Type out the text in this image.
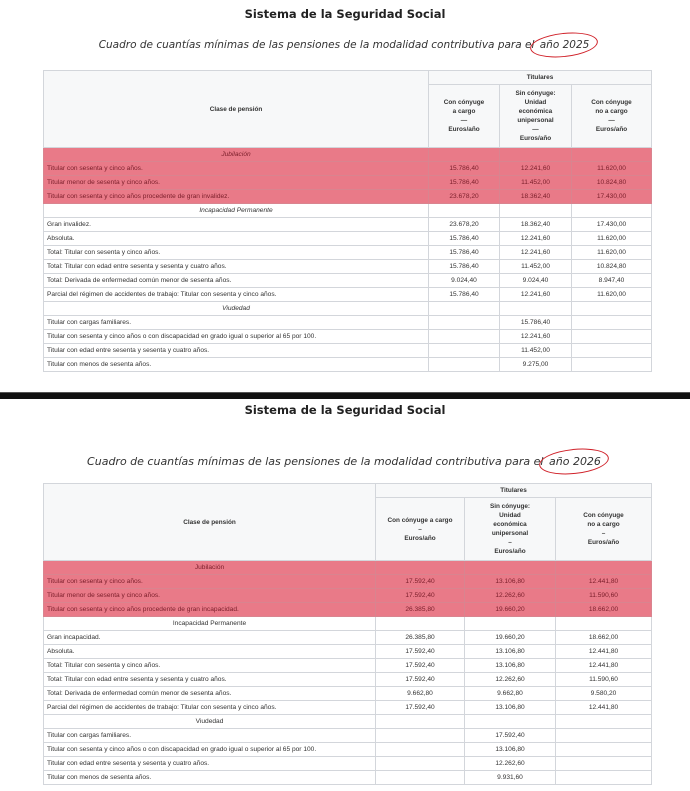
Sistema de la Seguridad Social
Cuadro de cuantías mínimas de las pensiones de la modalidad contributiva para el año 2025
Clase de pensión	Titulares		
Con cónyuge
a cargo
—
Euros/año	Sin cónyuge:
Unidad
económica
unipersonal
—
Euros/año	Con cónyuge
no a cargo
—
Euros/año
Jubilación			
Titular con sesenta y cinco años.	15.786,40	12.241,60	11.620,00
Titular menor de sesenta y cinco años.	15.786,40	11.452,00	10.824,80
Titular con sesenta y cinco años procedente de gran invalidez.	23.678,20	18.362,40	17.430,00
Incapacidad Permanente			
Gran invalidez.	23.678,20	18.362,40	17.430,00
Absoluta.	15.786,40	12.241,60	11.620,00
Total: Titular con sesenta y cinco años.	15.786,40	12.241,60	11.620,00
Total: Titular con edad entre sesenta y sesenta y cuatro años.	15.786,40	11.452,00	10.824,80
Total: Derivada de enfermedad común menor de sesenta años.	9.024,40	9.024,40	8.947,40
Parcial del régimen de accidentes de trabajo: Titular con sesenta y cinco años.	15.786,40	12.241,60	11.620,00
Viudedad			
Titular con cargas familiares.		15.786,40	
Titular con sesenta y cinco años o con discapacidad en grado igual o superior al 65 por 100.		12.241,60	
Titular con edad entre sesenta y sesenta y cuatro años.		11.452,00	
Titular con menos de sesenta años.		9.275,00	
Sistema de la Seguridad Social
Cuadro de cuantías mínimas de las pensiones de la modalidad contributiva para el año 2026
Clase de pensión	Titulares		
Con cónyuge a cargo
–
Euros/año	Sin cónyuge:
Unidad
económica
unipersonal
–
Euros/año	Con cónyuge
no a cargo
–
Euros/año
Jubilación			
Titular con sesenta y cinco años.	17.592,40	13.106,80	12.441,80
Titular menor de sesenta y cinco años.	17.592,40	12.262,60	11.590,60
Titular con sesenta y cinco años procedente de gran incapacidad.	26.385,80	19.660,20	18.662,00
Incapacidad Permanente			
Gran incapacidad.	26.385,80	19.660,20	18.662,00
Absoluta.	17.592,40	13.106,80	12.441,80
Total: Titular con sesenta y cinco años.	17.592,40	13.106,80	12.441,80
Total: Titular con edad entre sesenta y sesenta y cuatro años.	17.592,40	12.262,60	11.590,60
Total: Derivada de enfermedad común menor de sesenta años.	9.662,80	9.662,80	9.580,20
Parcial del régimen de accidentes de trabajo: Titular con sesenta y cinco años.	17.592,40	13.106,80	12.441,80
Viudedad			
Titular con cargas familiares.		17.592,40	
Titular con sesenta y cinco años o con discapacidad en grado igual o superior al 65 por 100.		13.106,80	
Titular con edad entre sesenta y sesenta y cuatro años.		12.262,60	
Titular con menos de sesenta años.		9.931,60	
